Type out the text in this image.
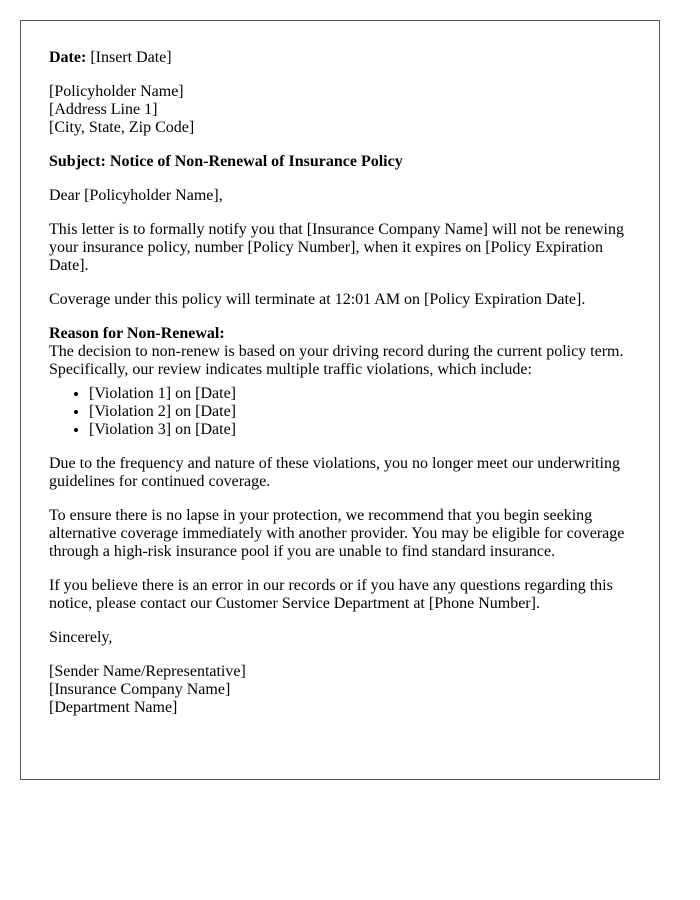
Date: [Insert Date]
[Policyholder Name]
[Address Line 1]
[City, State, Zip Code]
Subject: Notice of Non-Renewal of Insurance Policy
Dear [Policyholder Name],
This letter is to formally notify you that [Insurance Company Name] will not be renewing your insurance policy, number [Policy Number], when it expires on [Policy Expiration Date].
Coverage under this policy will terminate at 12:01 AM on [Policy Expiration Date].
Reason for Non-Renewal:
The decision to non-renew is based on your driving record during the current policy term. Specifically, our review indicates multiple traffic violations, which include:
• [Violation 1] on [Date]
• [Violation 2] on [Date]
• [Violation 3] on [Date]
Due to the frequency and nature of these violations, you no longer meet our underwriting guidelines for continued coverage.
To ensure there is no lapse in your protection, we recommend that you begin seeking alternative coverage immediately with another provider. You may be eligible for coverage through a high-risk insurance pool if you are unable to find standard insurance.
If you believe there is an error in our records or if you have any questions regarding this notice, please contact our Customer Service Department at [Phone Number].
Sincerely,
[Sender Name/Representative]
[Insurance Company Name]
[Department Name]
